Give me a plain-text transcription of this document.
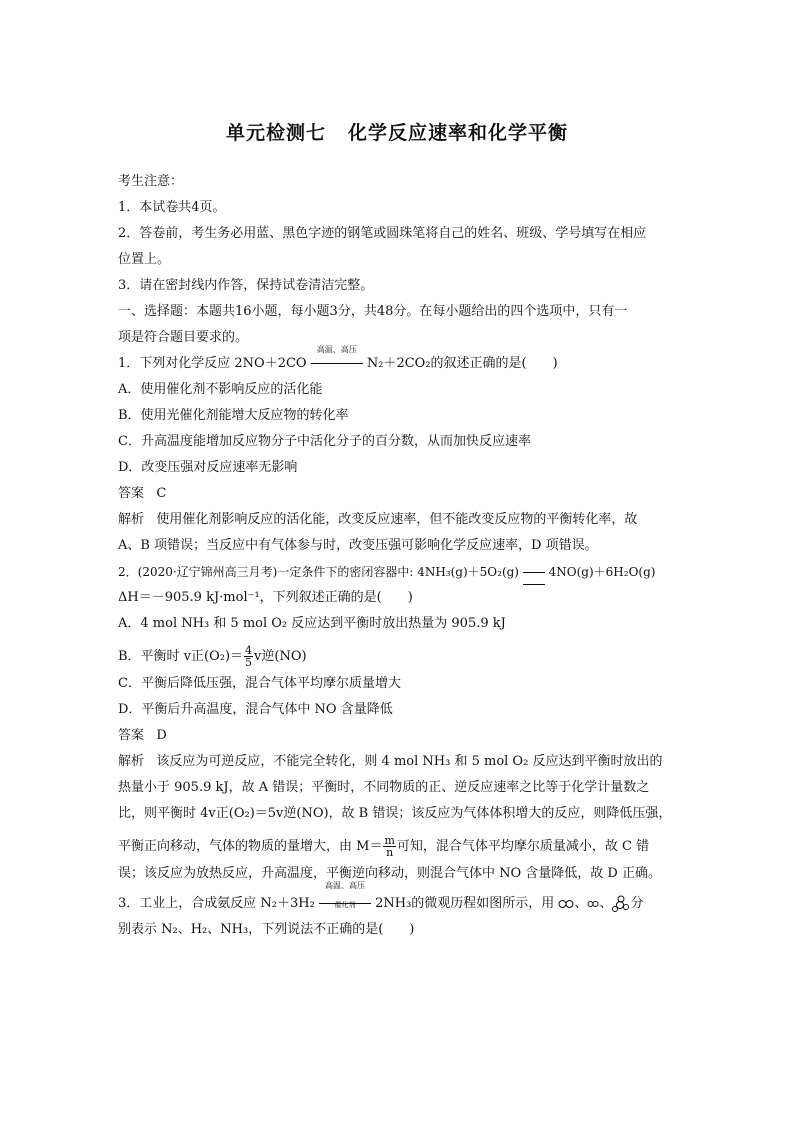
单元检测七 化学反应速率和化学平衡
考生注意：
1．本试卷共4页。
2．答卷前，考生务必用蓝、黑色字迹的钢笔或圆珠笔将自己的姓名、班级、学号填写在相应
位置上。
3．请在密封线内作答，保持试卷清洁完整。
一、选择题：本题共16小题，每小题3分，共48分。在每小题给出的四个选项中，只有一
项是符合题目要求的。
1．下列对化学反应 2NO＋2CO
高温、高压
N₂＋2CO₂的叙述正确的是(　　)
A．使用催化剂不影响反应的活化能
B．使用光催化剂能增大反应物的转化率
C．升高温度能增加反应物分子中活化分子的百分数，从而加快反应速率
D．改变压强对反应速率无影响
答案 C
解析 使用催化剂影响反应的活化能，改变反应速率，但不能改变反应物的平衡转化率，故
A、B 项错误；当反应中有气体参与时，改变压强可影响化学反应速率，D 项错误。
2．(2020·辽宁锦州高三月考)一定条件下的密闭容器中: 4NH₃(g)＋5O₂(g) 4NO(g)＋6H₂O(g)
ΔH＝－905.9 kJ·mol⁻¹，下列叙述正确的是(　　)
A．4 mol NH₃ 和 5 mol O₂ 反应达到平衡时放出热量为 905.9 kJ
B．平衡时 v正$(O_2)= \frac{4}{5}$ v逆(NO)
C．平衡后降低压强，混合气体平均摩尔质量增大
D．平衡后升高温度，混合气体中 NO 含量降低
答案 D
解析 该反应为可逆反应，不能完全转化，则 4 mol NH₃ 和 5 mol O₂ 反应达到平衡时放出的
热量小于 905.9 kJ，故 A 错误；平衡时，不同物质的正、逆反应速率之比等于化学计量数之
比，则平衡时 4v正(O₂)＝5v逆(NO)，故 B 错误；该反应为气体体积增大的反应，则降低压强，
平衡正向移动，气体的物质的量增大，由 $M= \frac{m}{n}$ 可知，混合气体平均摩尔质量减小，故 C 错
误；该反应为放热反应，升高温度，平衡逆向移动，则混合气体中 NO 含量降低，故 D 正确。
3．工业上，合成氨反应 N₂＋3H₂
高温、高压
催化剂	2NH₃的微观历程如图所示，用 、 、 分
别表示 N₂、H₂、NH₃，下列说法不正确的是(　　)
